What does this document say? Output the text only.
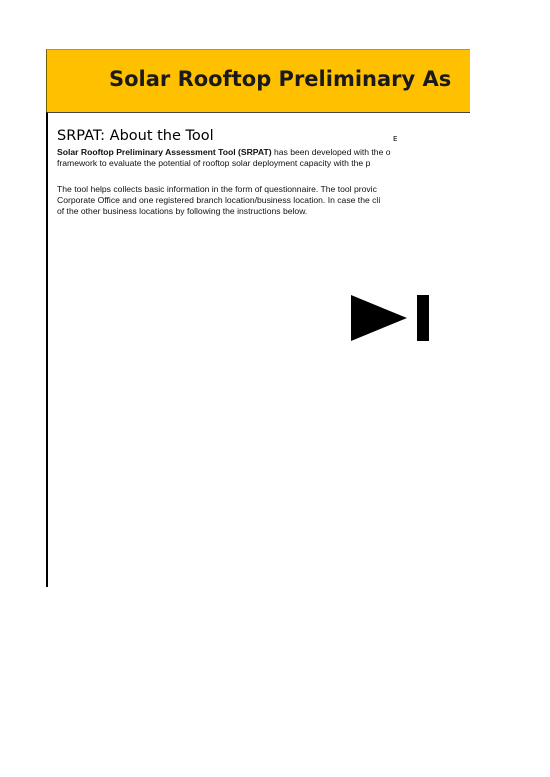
Solar Rooftop Preliminary As
SRPAT: About the Tool	E
Solar Rooftop Preliminary Assessment Tool (SRPAT) has been developed with the o
framework to evaluate the potential of rooftop solar deployment capacity with the p
The tool helps collects basic information in the form of questionnaire. The tool provic
Corporate Office and one registered branch location/business location. In case the cli
of the other business locations by following the instructions below.
